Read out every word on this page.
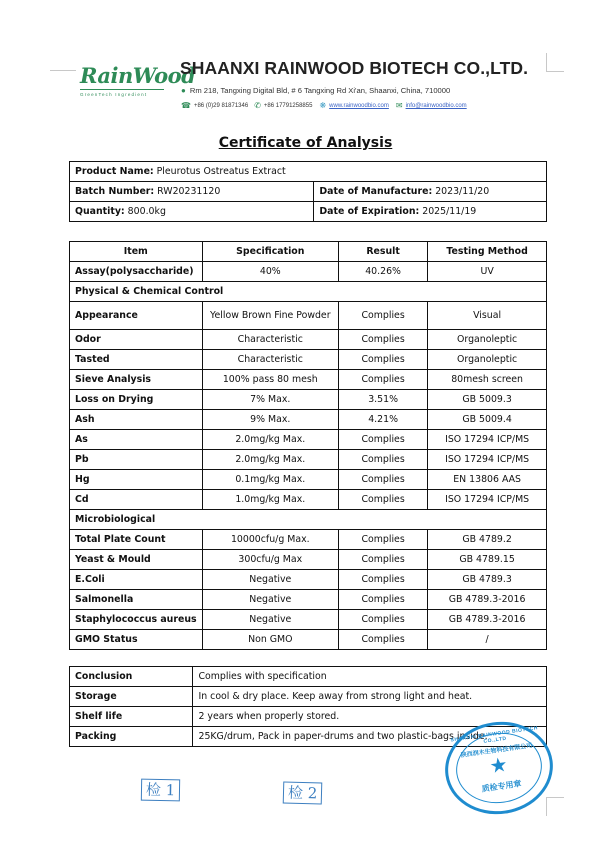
RainWood
GreenTech Ingredient
SHAANXI RAINWOOD BIOTECH CO.,LTD.
● Rm 218, Tangxing Digital Bld, # 6 Tangxing Rd Xi'an, Shaanxi, China, 710000
☎ +86 (0)29 81871346 ✆ +86 17791258855 ❋ www.rainwoodbio.com ✉ info@rainwoodbio.com
Certificate of Analysis
Product Name: Pleurotus Ostreatus Extract	
Batch Number: RW20231120	Date of Manufacture: 2023/11/20
Quantity: 800.0kg	Date of Expiration: 2025/11/19
Item	Specification	Result	Testing Method
Assay(polysaccharide)	40%	40.26%	UV
Physical & Chemical Control			
Appearance	Yellow Brown Fine Powder	Complies	Visual
Odor	Characteristic	Complies	Organoleptic
Tasted	Characteristic	Complies	Organoleptic
Sieve Analysis	100% pass 80 mesh	Complies	80mesh screen
Loss on Drying	7% Max.	3.51%	GB 5009.3
Ash	9% Max.	4.21%	GB 5009.4
As	2.0mg/kg Max.	Complies	ISO 17294 ICP/MS
Pb	2.0mg/kg Max.	Complies	ISO 17294 ICP/MS
Hg	0.1mg/kg Max.	Complies	EN 13806 AAS
Cd	1.0mg/kg Max.	Complies	ISO 17294 ICP/MS
Microbiological			
Total Plate Count	10000cfu/g Max.	Complies	GB 4789.2
Yeast & Mould	300cfu/g Max	Complies	GB 4789.15
E.Coli	Negative	Complies	GB 4789.3
Salmonella	Negative	Complies	GB 4789.3-2016
Staphylococcus aureus	Negative	Complies	GB 4789.3-2016
GMO Status	Non GMO	Complies	/
Conclusion	Complies with specification
Storage	In cool & dry place. Keep away from strong light and heat.
Shelf life	2 years when properly stored.
Packing	25KG/drum, Pack in paper-drums and two plastic-bags inside.
检 1	检 2
SHAANXI RAINWOOD BIOTECH CO.,LTD
陕西润木生物科技有限公司
★
质检专用章
